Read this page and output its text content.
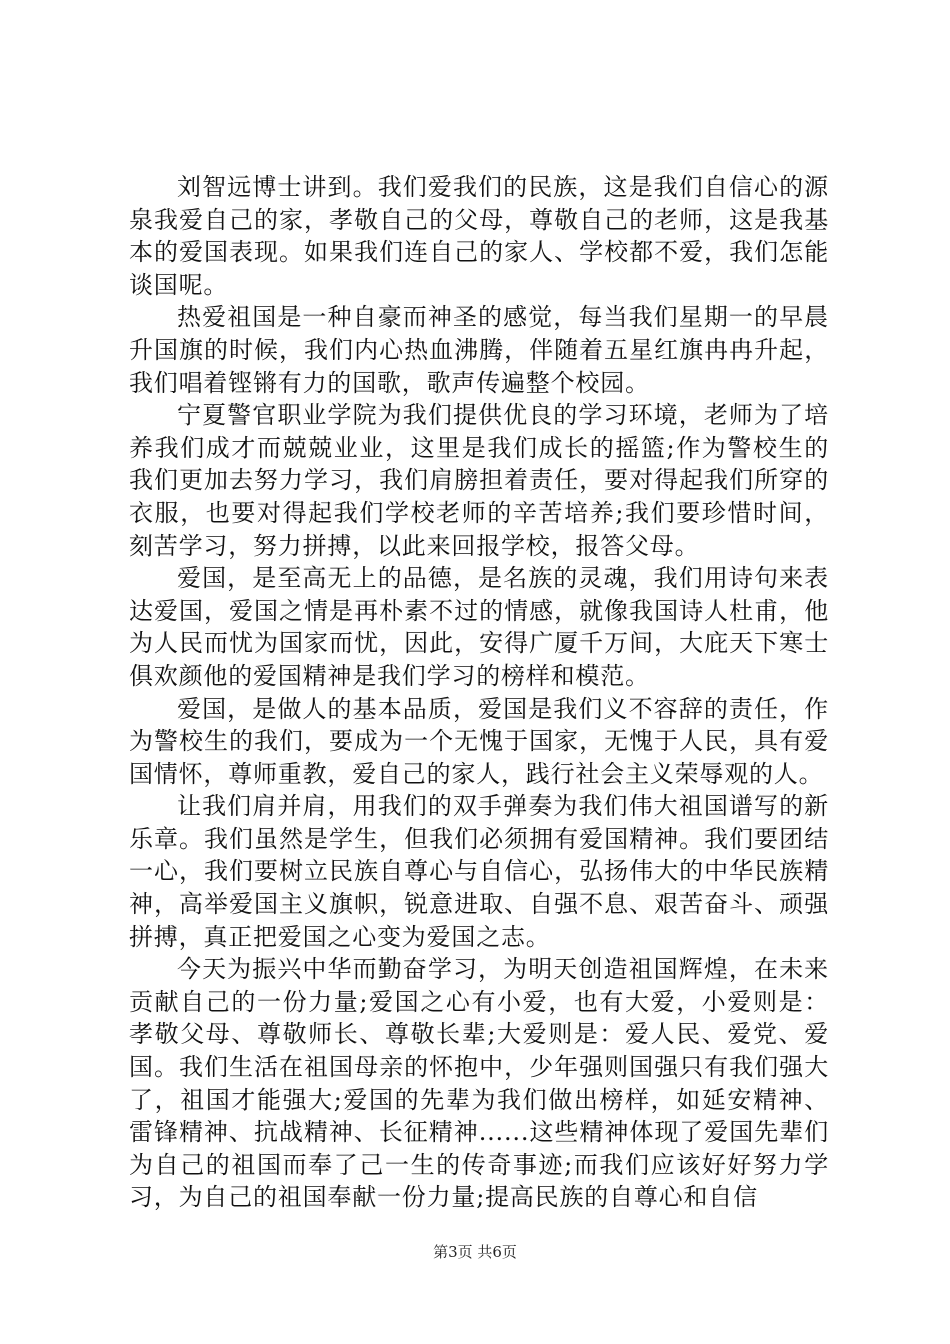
刘智远博士讲到。我们爱我们的民族，这是我们自信心的源泉我爱自己的家，孝敬自己的父母，尊敬自己的老师，这是我基本的爱国表现。如果我们连自己的家人、学校都不爱，我们怎能谈国呢。

热爱祖国是一种自豪而神圣的感觉，每当我们星期一的早晨升国旗的时候，我们内心热血沸腾，伴随着五星红旗冉冉升起，我们唱着铿锵有力的国歌，歌声传遍整个校园。

宁夏警官职业学院为我们提供优良的学习环境，老师为了培养我们成才而兢兢业业，这里是我们成长的摇篮;作为警校生的我们更加去努力学习，我们肩膀担着责任，要对得起我们所穿的衣服，也要对得起我们学校老师的辛苦培养;我们要珍惜时间，刻苦学习，努力拼搏，以此来回报学校，报答父母。

爱国，是至高无上的品德，是名族的灵魂，我们用诗句来表达爱国，爱国之情是再朴素不过的情感，就像我国诗人杜甫，他为人民而忧为国家而忧，因此，安得广厦千万间，大庇天下寒士俱欢颜他的爱国精神是我们学习的榜样和模范。

爱国，是做人的基本品质，爱国是我们义不容辞的责任，作为警校生的我们，要成为一个无愧于国家，无愧于人民，具有爱国情怀，尊师重教，爱自己的家人，践行社会主义荣辱观的人。

让我们肩并肩，用我们的双手弹奏为我们伟大祖国谱写的新乐章。我们虽然是学生，但我们必须拥有爱国精神。我们要团结一心，我们要树立民族自尊心与自信心，弘扬伟大的中华民族精神，高举爱国主义旗帜，锐意进取、自强不息、艰苦奋斗、顽强拼搏，真正把爱国之心变为爱国之志。

今天为振兴中华而勤奋学习，为明天创造祖国辉煌，在未来贡献自己的一份力量;爱国之心有小爱，也有大爱，小爱则是：孝敬父母、尊敬师长、尊敬长辈;大爱则是：爱人民、爱党、爱国。我们生活在祖国母亲的怀抱中，少年强则国强只有我们强大了，祖国才能强大;爱国的先辈为我们做出榜样，如延安精神、雷锋精神、抗战精神、长征精神......这些精神体现了爱国先辈们为自己的祖国而奉了己一生的传奇事迹;而我们应该好好努力学习，为自己的祖国奉献一份力量;提高民族的自尊心和自信

第3页 共6页
